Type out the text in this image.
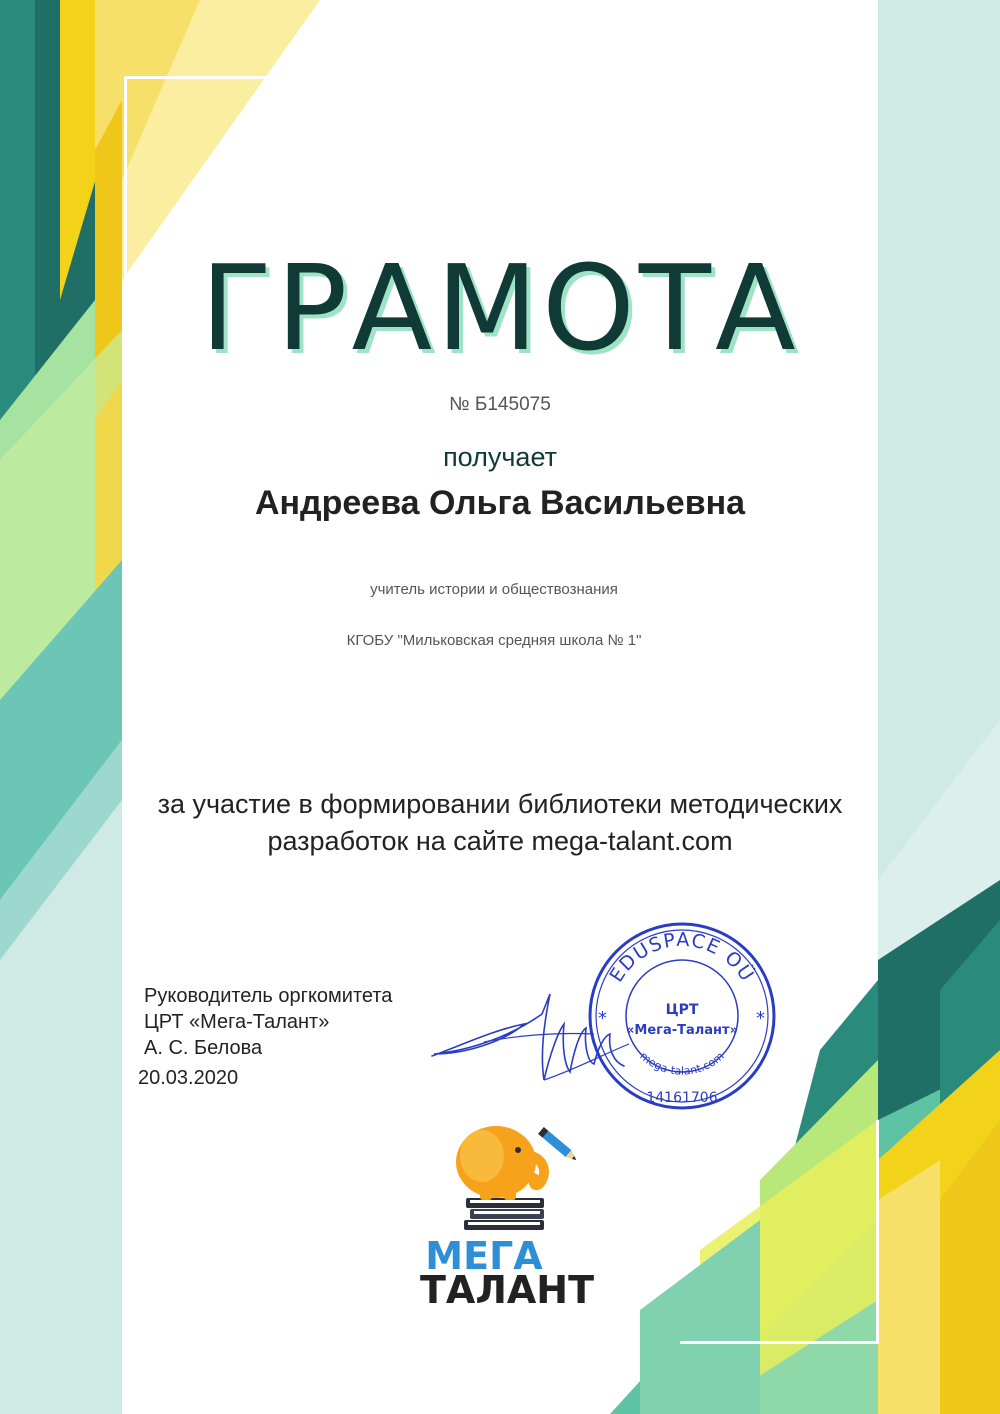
ГРАМОТА
№ Б145075
получает
Андреева Ольга Васильевна
учитель истории и обществознания
КГОБУ "Мильковская средняя школа № 1"
за участие в формировании библиотеки методических
разработок на сайте mega-talant.com
Руководитель оргкомитета
ЦРТ «Мега-Талант»
А. С. Белова
20.03.2020
EDUSPACE OÜ
mega-talant.com
ЦРТ
«Мега-Талант»
14161706
*	*
МЕГА
ТАЛАНТ
